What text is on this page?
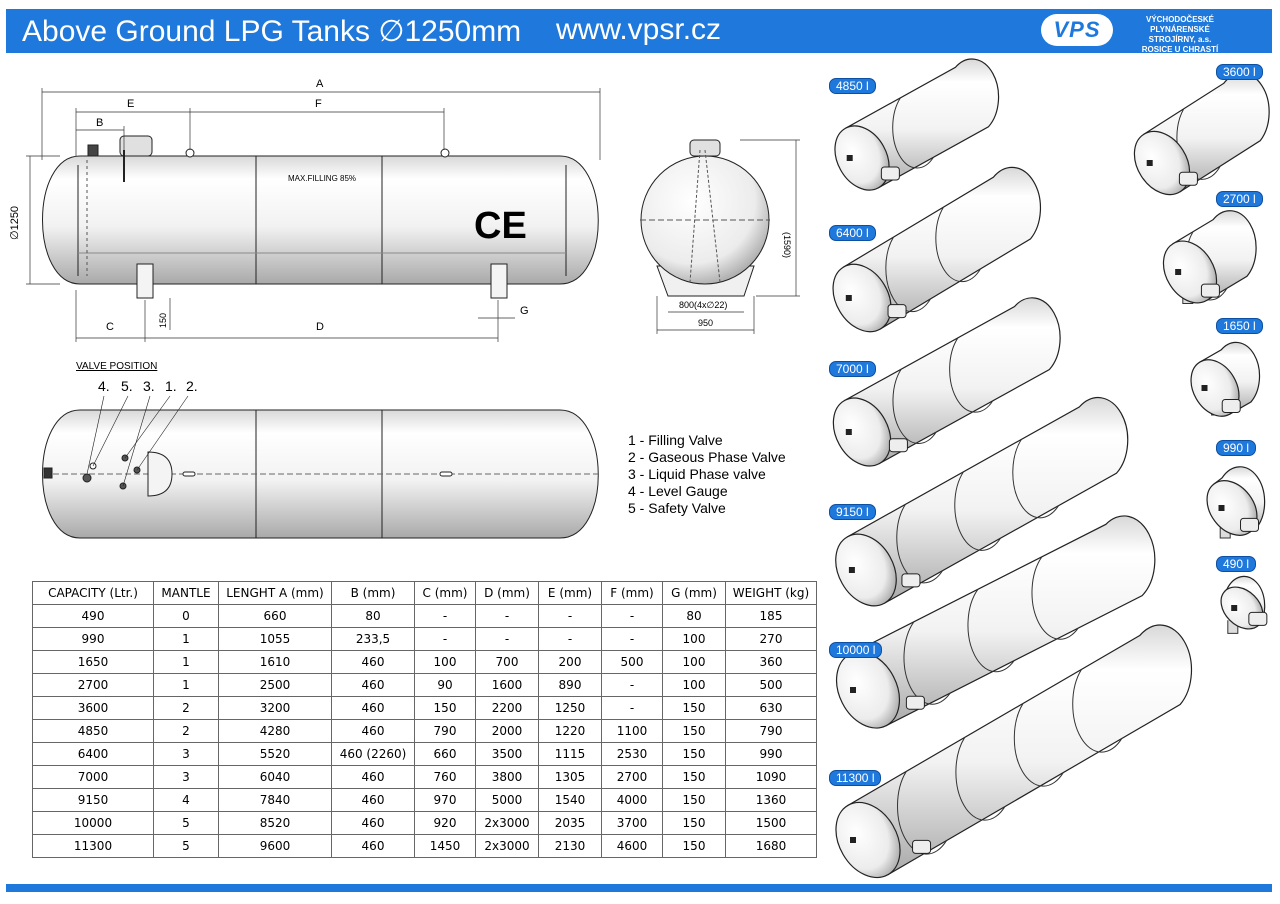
Above Ground LPG Tanks ∅1250mm www.vpsr.cz	VPS	VÝCHODOČESKÉ PLYNÁRENSKÉ
STROJÍRNY, a.s.
ROSICE U CHRASTÍ
A
E	F
B
C	D
G
∅1250
150
MAX.FILLING 85%
CE	(1590)
800(4x∅22)
950
VALVE POSITION
4. 5. 3. 1. 2.
1 - Filling Valve
2 - Gaseous Phase Valve
3 - Liquid Phase valve
4 - Level Gauge
5 - Safety Valve
CAPACITY (Ltr.)	MANTLE	LENGHT A (mm)	B (mm)	C (mm)	D (mm)	E (mm)	F (mm)	G (mm)	WEIGHT (kg)
490	0	660	80	-	-	-	-	80	185
990	1	1055	233,5	-	-	-	-	100	270
1650	1	1610	460	100	700	200	500	100	360
2700	1	2500	460	90	1600	890	-	100	500
3600	2	3200	460	150	2200	1250	-	150	630
4850	2	4280	460	790	2000	1220	1100	150	790
6400	3	5520	460 (2260)	660	3500	1115	2530	150	990
7000	3	6040	460	760	3800	1305	2700	150	1090
9150	4	7840	460	970	5000	1540	4000	150	1360
10000	5	8520	460	920	2x3000	2035	3700	150	1500
11300	5	9600	460	1450	2x3000	2130	4600	150	1680
4850 l
6400 l
7000 l
9150 l
10000 l
11300 l
3600 l
2700 l
1650 l
990 l
490 l
